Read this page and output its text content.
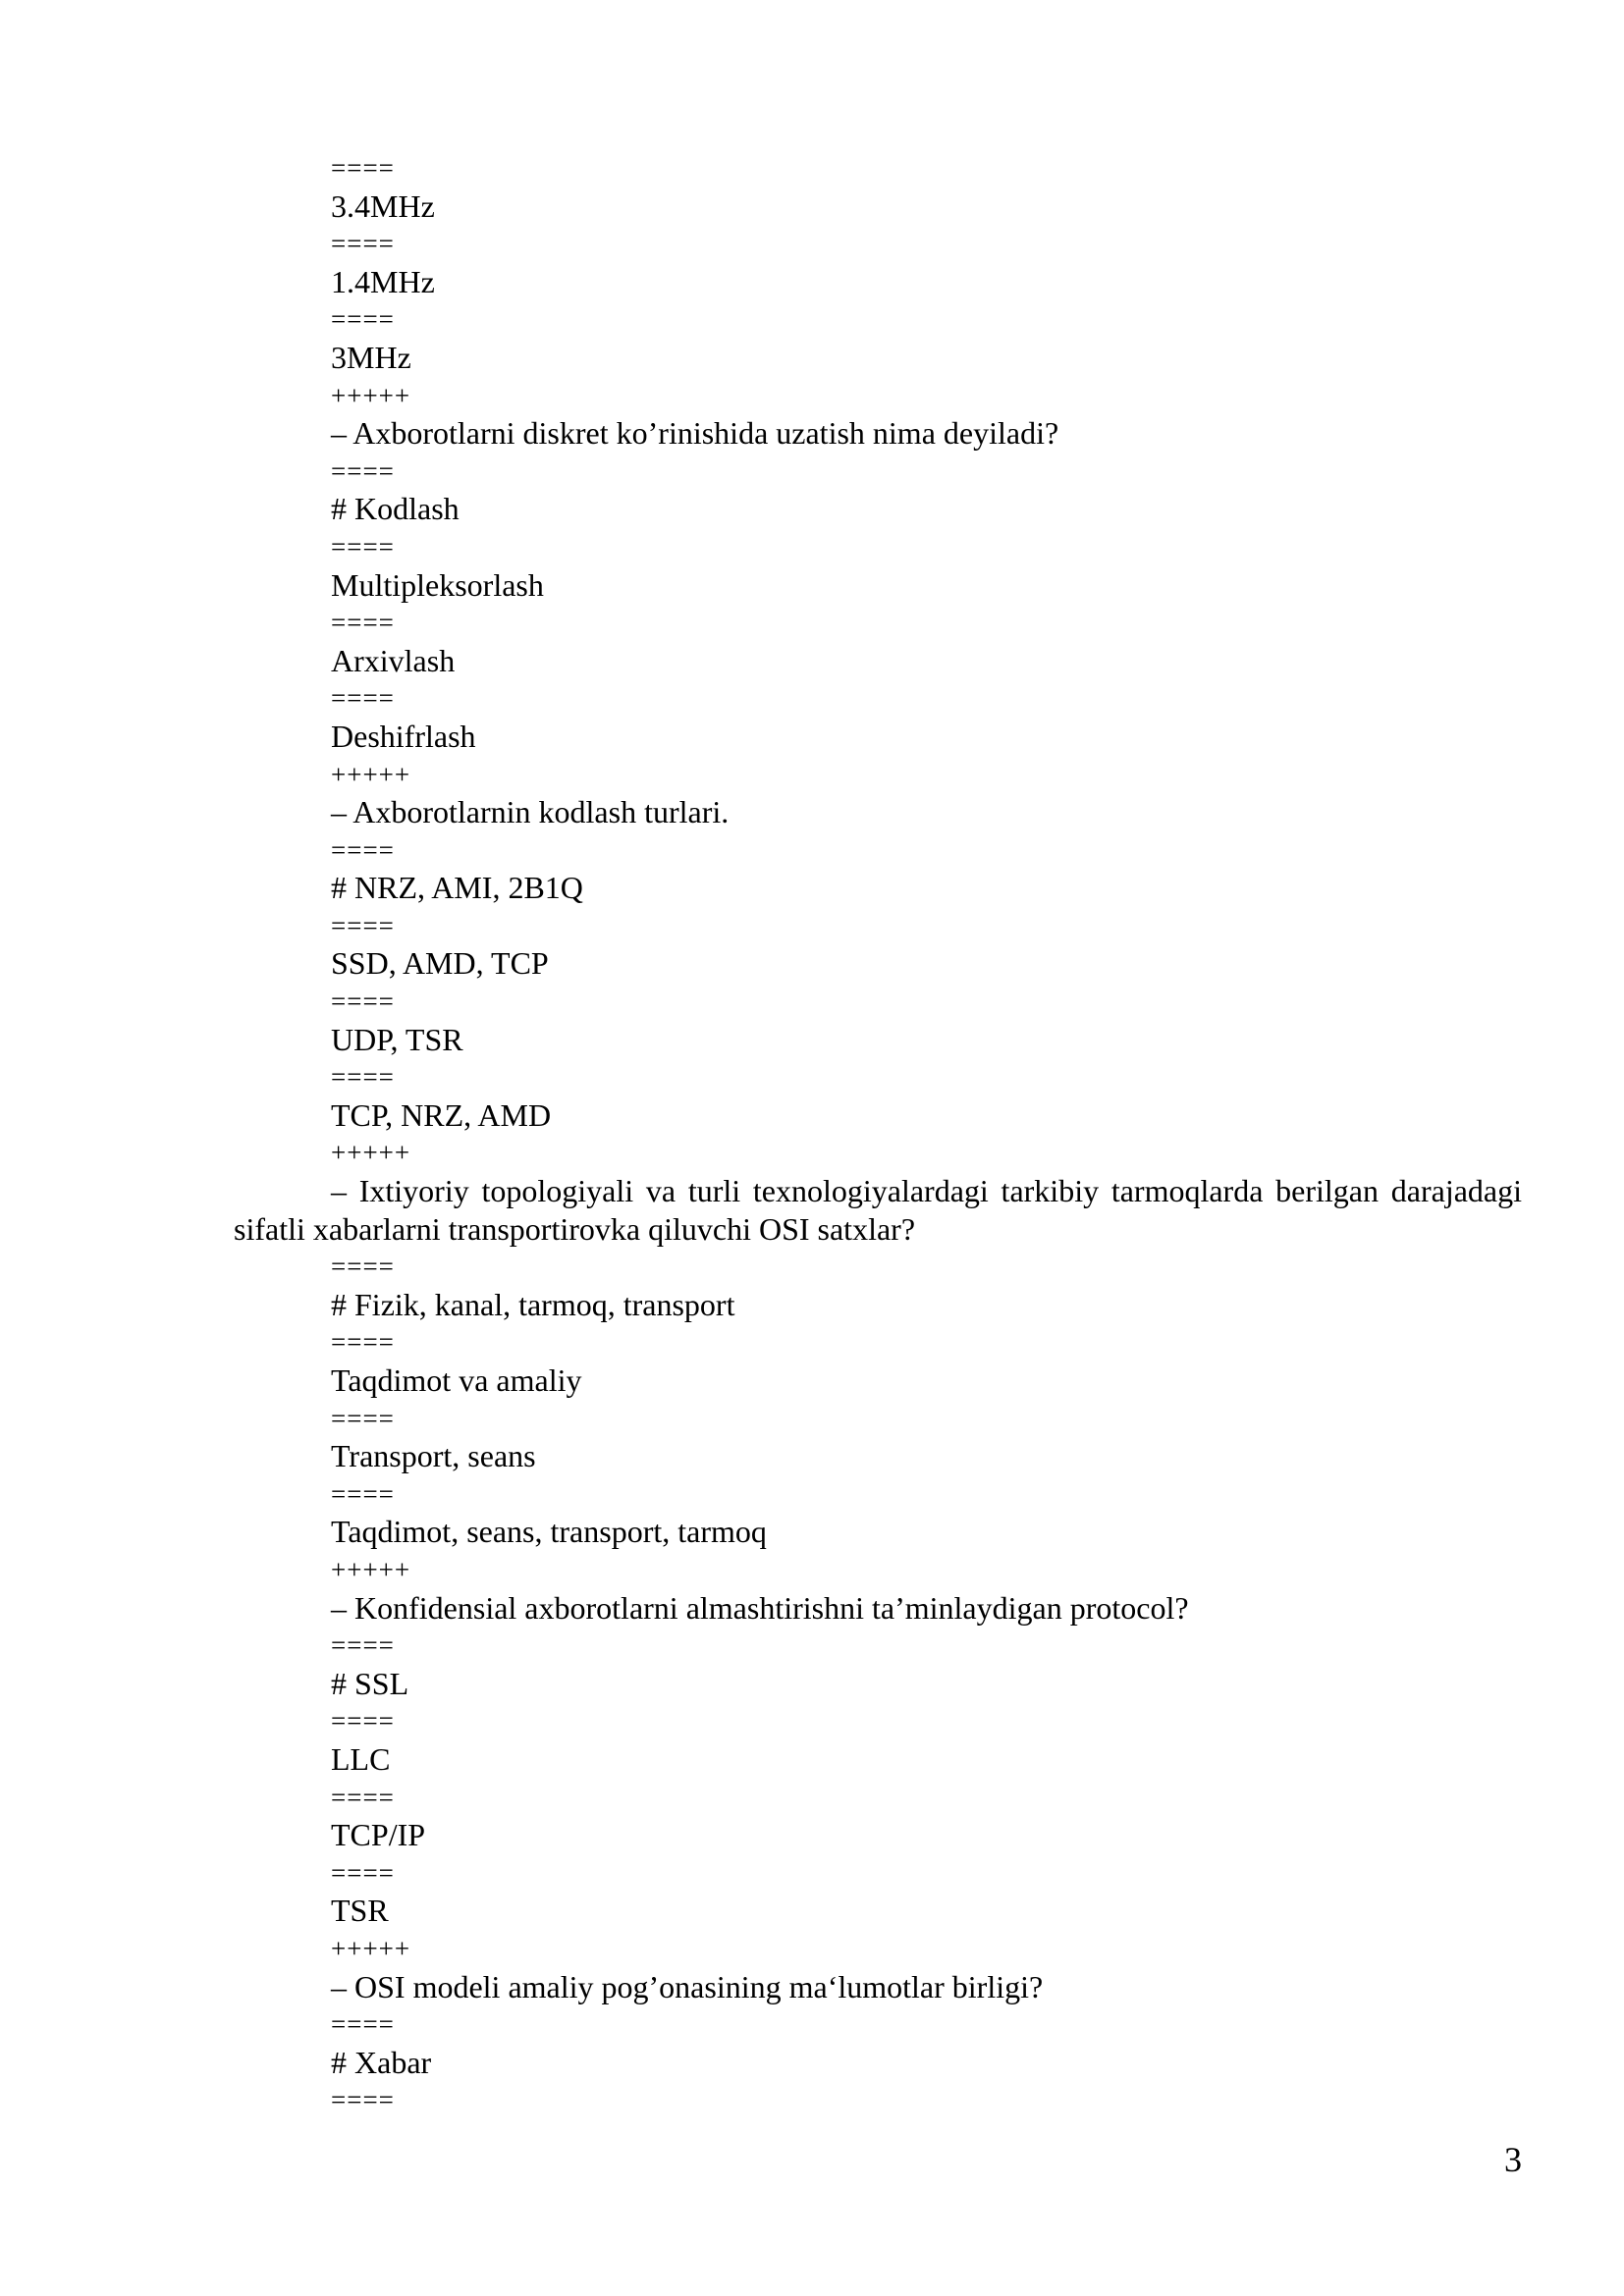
====
3.4MHz
====
1.4MHz
====
3MHz
+++++
– Axborotlarni diskret ko’rinishida uzatish nima deyiladi?
====
# Kodlash
====
Multipleksorlash
====
Arxivlash
====
Deshifrlash
+++++
– Axborotlarnin kodlash turlari.
====
# NRZ, AMI, 2B1Q
====
SSD, AMD, TCP
====
UDP, TSR
====
TCP, NRZ, AMD
+++++
– Ixtiyoriy topologiyali va turli texnologiyalardagi tarkibiy tarmoqlarda berilgan darajadagi sifatli xabarlarni transportirovka qiluvchi OSI satxlar?
====
# Fizik, kanal, tarmoq, transport
====
Taqdimot va amaliy
====
Transport, seans
====
Taqdimot, seans, transport, tarmoq
+++++
– Konfidensial axborotlarni almashtirishni ta’minlaydigan protocol?
====
# SSL
====
LLC
====
TCP/IP
====
TSR
+++++
– OSI modeli amaliy pog’onasining ma‘lumotlar birligi?
====
# Xabar
====
3
